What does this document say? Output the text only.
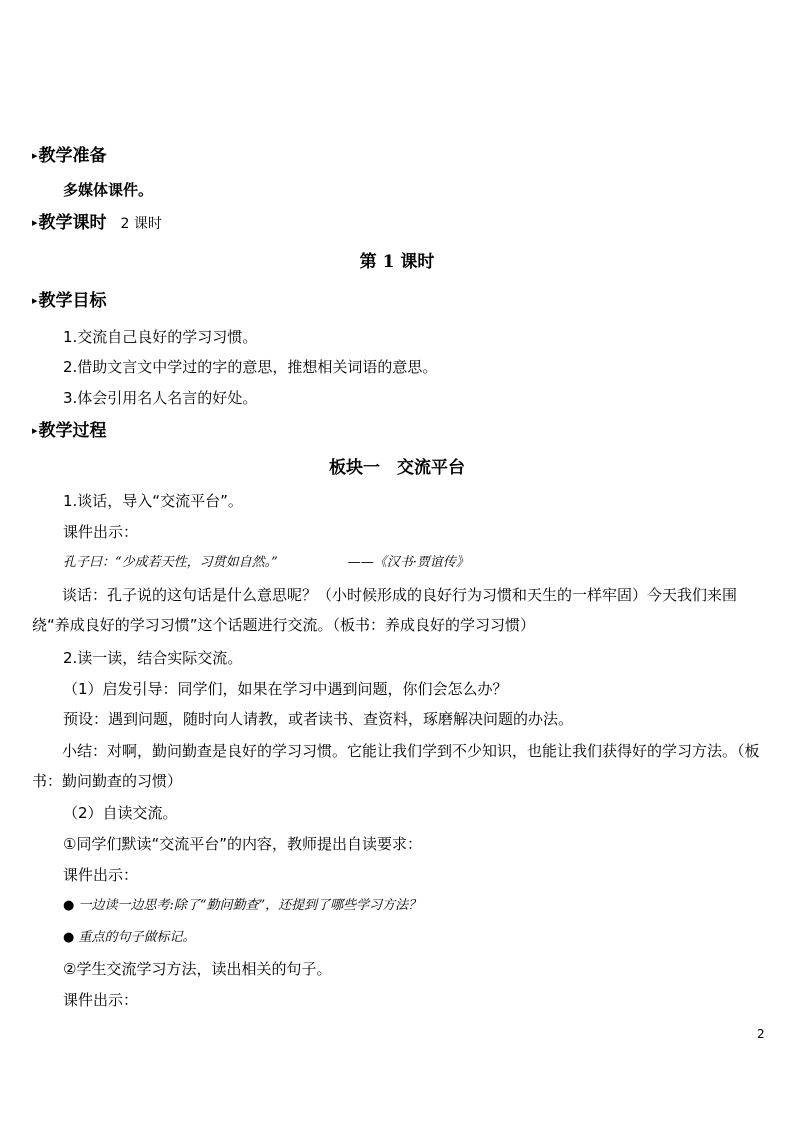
▸教学准备
多媒体课件。
▸教学课时 2 课时
第 1 课时
▸教学目标
1.交流自己良好的学习习惯。
2.借助文言文中学过的字的意思，推想相关词语的意思。
3.体会引用名人名言的好处。
▸教学过程
板块一　交流平台
1.谈话，导入“交流平台”。
课件出示：
孔子曰：“少成若天性，习贯如自然。”	——《汉书·贾谊传》
谈话：孔子说的这句话是什么意思呢？（小时候形成的良好行为习惯和天生的一样牢固）今天我们来围绕“养成良好的学习习惯”这个话题进行交流。（板书：养成良好的学习习惯）
2.读一读，结合实际交流。
（1）启发引导：同学们，如果在学习中遇到问题，你们会怎么办？
预设：遇到问题，随时向人请教，或者读书、查资料，琢磨解决问题的办法。
小结：对啊，勤问勤查是良好的学习习惯。它能让我们学到不少知识，也能让我们获得好的学习方法。（板书：勤问勤查的习惯）
（2）自读交流。
①同学们默读“交流平台”的内容，教师提出自读要求：
课件出示：
● 一边读一边思考:除了“勤问勤查”，还提到了哪些学习方法？
● 重点的句子做标记。
②学生交流学习方法，读出相关的句子。
课件出示：
2
